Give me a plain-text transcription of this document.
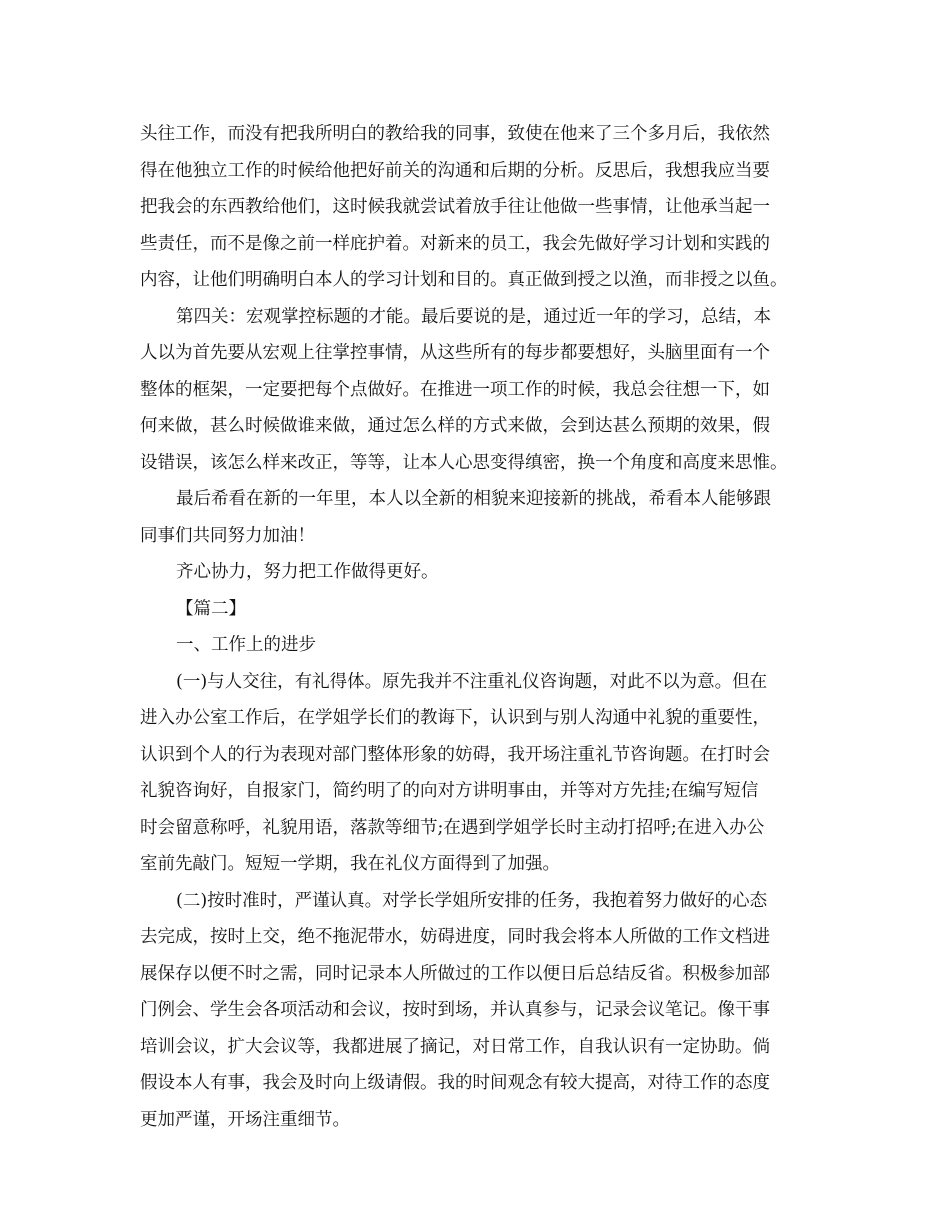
头往工作，而没有把我所明白的教给我的同事，致使在他来了三个多月后，我依然
得在他独立工作的时候给他把好前关的沟通和后期的分析。反思后，我想我应当要
把我会的东西教给他们，这时候我就尝试着放手往让他做一些事情，让他承当起一
些责任，而不是像之前一样庇护着。对新来的员工，我会先做好学习计划和实践的
内容，让他们明确明白本人的学习计划和目的。真正做到授之以渔，而非授之以鱼。
第四关：宏观掌控标题的才能。最后要说的是，通过近一年的学习，总结，本
人以为首先要从宏观上往掌控事情，从这些所有的每步都要想好，头脑里面有一个
整体的框架，一定要把每个点做好。在推进一项工作的时候，我总会往想一下，如
何来做，甚么时候做谁来做，通过怎么样的方式来做，会到达甚么预期的效果，假
设错误，该怎么样来改正，等等，让本人心思变得缜密，换一个角度和高度来思惟。
最后希看在新的一年里，本人以全新的相貌来迎接新的挑战，希看本人能够跟
同事们共同努力加油！
齐心协力，努力把工作做得更好。
【篇二】
一、工作上的进步
(一)与人交往，有礼得体。原先我并不注重礼仪咨询题，对此不以为意。但在
进入办公室工作后，在学姐学长们的教诲下，认识到与别人沟通中礼貌的重要性，
认识到个人的行为表现对部门整体形象的妨碍，我开场注重礼节咨询题。在打时会
礼貌咨询好，自报家门，简约明了的向对方讲明事由，并等对方先挂;在编写短信
时会留意称呼，礼貌用语，落款等细节;在遇到学姐学长时主动打招呼;在进入办公
室前先敲门。短短一学期，我在礼仪方面得到了加强。
(二)按时准时，严谨认真。对学长学姐所安排的任务，我抱着努力做好的心态
去完成，按时上交，绝不拖泥带水，妨碍进度，同时我会将本人所做的工作文档进
展保存以便不时之需，同时记录本人所做过的工作以便日后总结反省。积极参加部
门例会、学生会各项活动和会议，按时到场，并认真参与，记录会议笔记。像干事
培训会议，扩大会议等，我都进展了摘记，对日常工作，自我认识有一定协助。倘
假设本人有事，我会及时向上级请假。我的时间观念有较大提高，对待工作的态度
更加严谨，开场注重细节。
